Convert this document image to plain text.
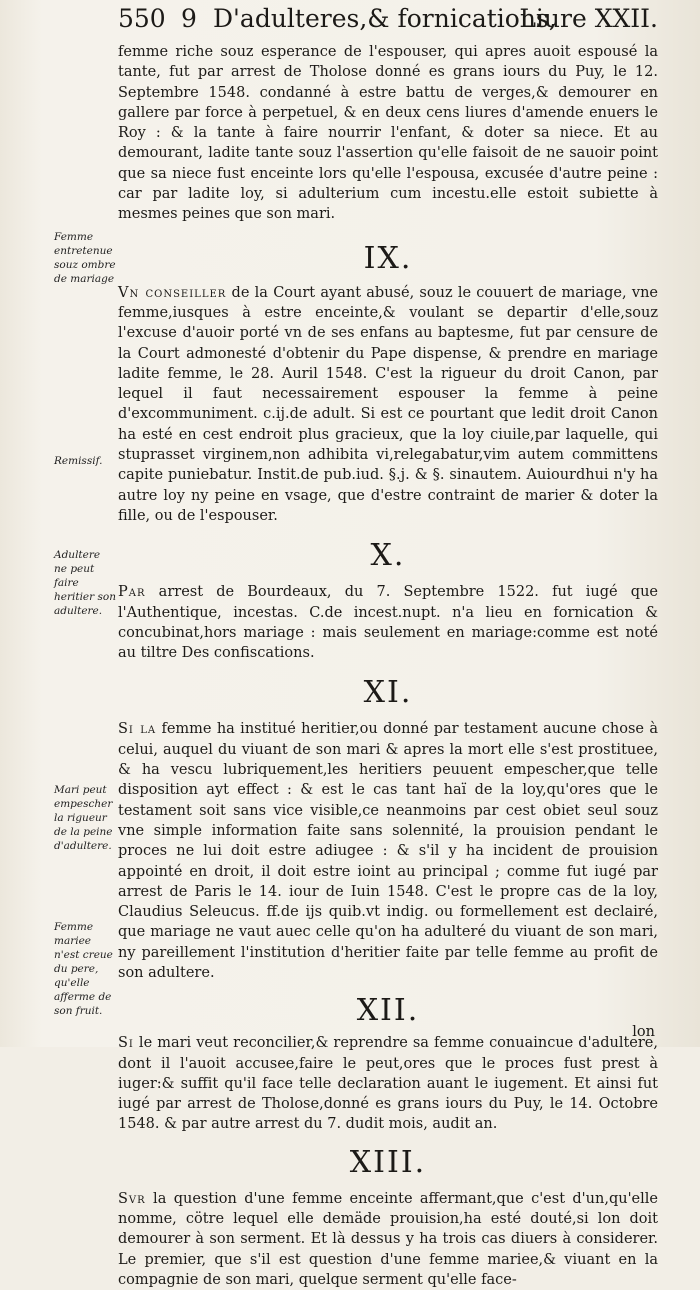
550 9 D'adulteres,& fornications,
Liure XXII.
Femme entretenue souz ombre de mariage
Remissif.
Adultere ne peut faire heritier son adultere.
Mari peut empescher la rigueur de la peine d'adultere.
Femme mariee n'est creue du pere, qu'elle afferme de son fruit.

femme riche souz esperance de l'espouser, qui apres auoit espousé la tante, fut par arrest de Tholose donné es grans iours du Puy, le 12. Septembre 1548. condanné à estre battu de verges,& demourer en gallere par force à perpetuel, & en deux cens liures d'amende enuers le Roy : & la tante à faire nourrir l'enfant, & doter sa niece. Et au demourant, ladite tante souz l'assertion qu'elle faisoit de ne sauoir point que sa niece fust enceinte lors qu'elle l'espousa, excusée d'autre peine : car par ladite loy, si adulterium cum incestu.elle estoit subiette à mesmes peines que son mari.

IX.

Vn conseiller de la Court ayant abusé, souz le couuert de mariage, vne femme,iusques à estre enceinte,& voulant se departir d'elle,souz l'excuse d'auoir porté vn de ses enfans au baptesme, fut par censure de la Court admonesté d'obtenir du Pape dispense, & prendre en mariage ladite femme, le 28. Auril 1548. C'est la rigueur du droit Canon, par lequel il faut necessairement espouser la femme à peine d'excommuniment. c.ij.de adult. Si est ce pourtant que ledit droit Canon ha esté en cest endroit plus gracieux, que la loy ciuile,par laquelle, qui stuprasset virginem,non adhibita vi,relegabatur,vim autem committens capite puniebatur. Instit.de pub.iud. §.j. & §. sinautem. Auiourdhui n'y ha autre loy ny peine en vsage, que d'estre contraint de marier & doter la fille, ou de l'espouser.

X.

Par arrest de Bourdeaux, du 7. Septembre 1522. fut iugé que l'Authentique, incestas. C.de incest.nupt. n'a lieu en fornication & concubinat,hors mariage : mais seulement en mariage:comme est noté au tiltre Des confiscations.

XI.

Si la femme ha institué heritier,ou donné par testament aucune chose à celui, auquel du viuant de son mari & apres la mort elle s'est prostituee, & ha vescu lubriquement,les heritiers peuuent empescher,que telle disposition ayt effect : & est le cas tant haï de la loy,qu'ores que le testament soit sans vice visible,ce neanmoins par cest obiet seul souz vne simple information faite sans solennité, la prouision pendant le proces ne lui doit estre adiugee : & s'il y ha incident de prouision appointé en droit, il doit estre ioint au principal ; comme fut iugé par arrest de Paris le 14. iour de Iuin 1548. C'est le propre cas de la loy, Claudius Seleucus. ff.de ijs quib.vt indig. ou formellement est declairé, que mariage ne vaut auec celle qu'on ha adulteré du viuant de son mari, ny pareillement l'institution d'heritier faite par telle femme au profit de son adultere.

XII.

Si le mari veut reconcilier,& reprendre sa femme conuaincue d'adultere, dont il l'auoit accusee,faire le peut,ores que le proces fust prest à iuger:& suffit qu'il face telle declaration auant le iugement. Et ainsi fut iugé par arrest de Tholose,donné es grans iours du Puy, le 14. Octobre 1548. & par autre arrest du 7. dudit mois, audit an.

XIII.

Svr la question d'une femme enceinte affermant,que c'est d'un,qu'elle nomme, cötre lequel elle demäde prouision,ha esté douté,si lon doit demourer à son serment. Et là dessus y ha trois cas diuers à considerer. Le premier, que s'il est question d'une femme mariee,& viuant en la compagnie de son mari, quelque serment qu'elle face-

lon
